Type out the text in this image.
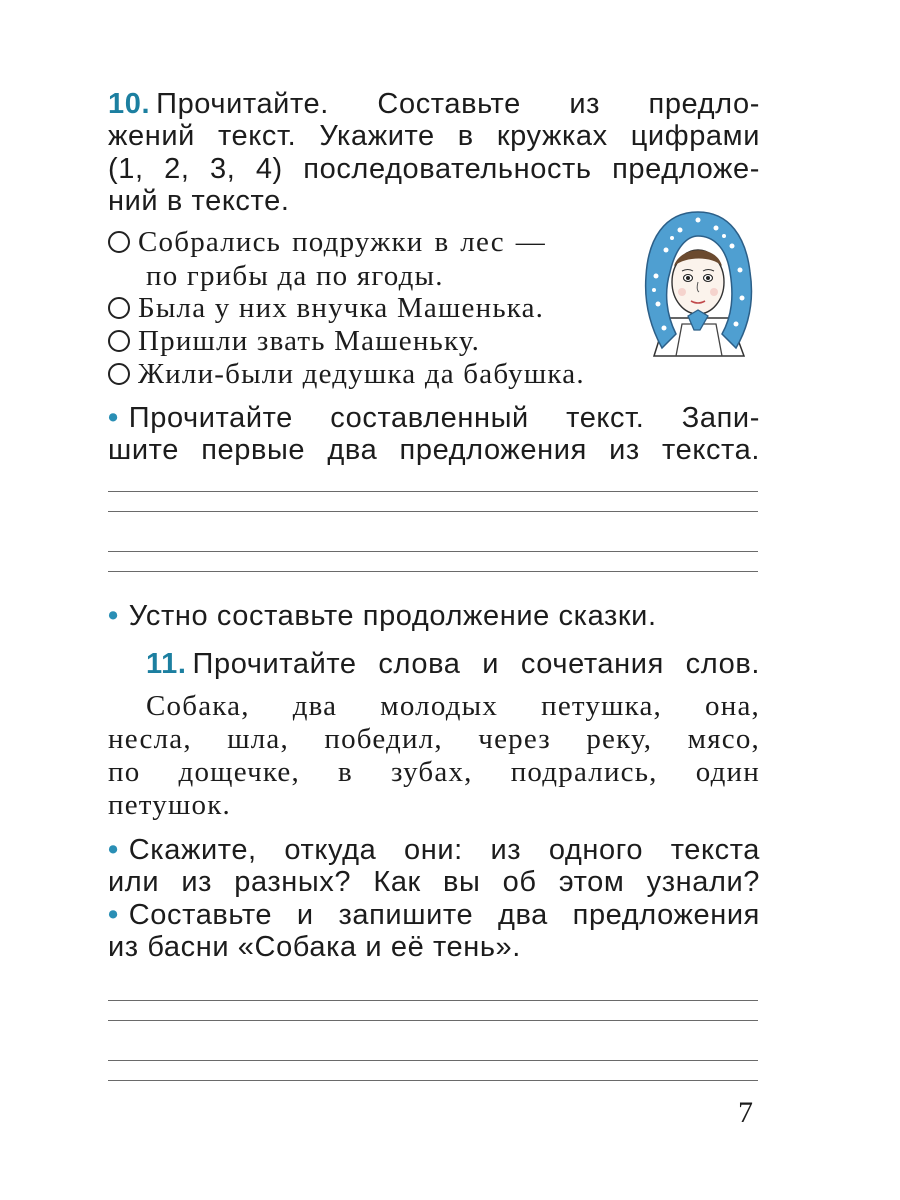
10. Прочитайте. Составьте из предло-
жений текст. Укажите в кружках цифрами
(1, 2, 3, 4) последовательность предложе-
ний в тексте.
Собрались подружки в лес —
по грибы да по ягоды.
Была у них внучка Машенька.
Пришли звать Машеньку.
Жили-были дедушка да бабушка.
• Прочитайте составленный текст. Запи-
шите первые два предложения из текста.
• Устно составьте продолжение сказки.
11. Прочитайте слова и сочетания слов.
Собака, два молодых петушка, она,
несла, шла, победил, через реку, мясо,
по дощечке, в зубах, подрались, один
петушок.
• Скажите, откуда они: из одного текста
или из разных? Как вы об этом узнали?
• Составьте и запишите два предложения
из басни «Собака и её тень».
7
